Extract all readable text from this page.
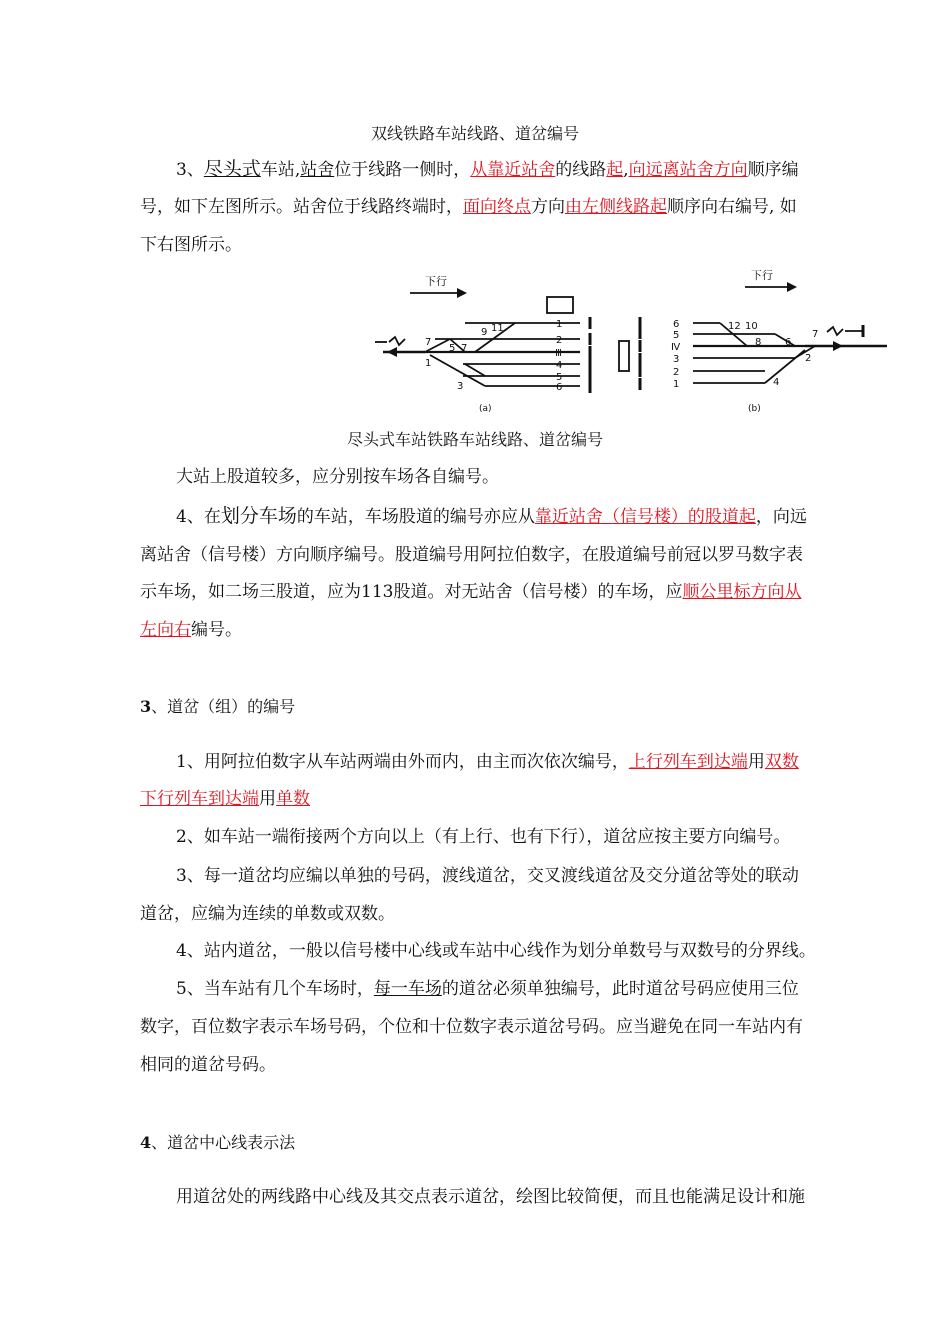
双线铁路车站线路、道岔编号
3、尽头式车站,站舍位于线路一侧时，从靠近站舍的线路起,向远离站舍方向顺序编
号，如下左图所示。站舍位于线路终端时，面向终点方向由左侧线路起顺序向右编号, 如
下右图所示。
下行
1
2
Ⅲ
4
5
6
7
9 11
5 7
1
3
(a)
下行
6
5
Ⅳ
3
2
1
12 10
8 6
7
2
4
(b)
尽头式车站铁路车站线路、道岔编号
大站上股道较多，应分别按车场各自编号。
4、在划分车场的车站，车场股道的编号亦应从靠近站舍（信号楼）的股道起，向远
离站舍（信号楼）方向顺序编号。股道编号用阿拉伯数字，在股道编号前冠以罗马数字表
示车场，如二场三股道，应为113股道。对无站舍（信号楼）的车场，应顺公里标方向从
左向右编号。
3、道岔（组）的编号
1、用阿拉伯数字从车站两端由外而内，由主而次依次编号，上行列车到达端用双数
下行列车到达端用单数
2、如车站一端衔接两个方向以上（有上行、也有下行），道岔应按主要方向编号。
3、每一道岔均应编以单独的号码，渡线道岔，交叉渡线道岔及交分道岔等处的联动
道岔，应编为连续的单数或双数。
4、站内道岔，一般以信号楼中心线或车站中心线作为划分单数号与双数号的分界线。
5、当车站有几个车场时，每一车场的道岔必须单独编号，此时道岔号码应使用三位
数字，百位数字表示车场号码，个位和十位数字表示道岔号码。应当避免在同一车站内有
相同的道岔号码。
4、道岔中心线表示法
用道岔处的两线路中心线及其交点表示道岔，绘图比较简便，而且也能满足设计和施
